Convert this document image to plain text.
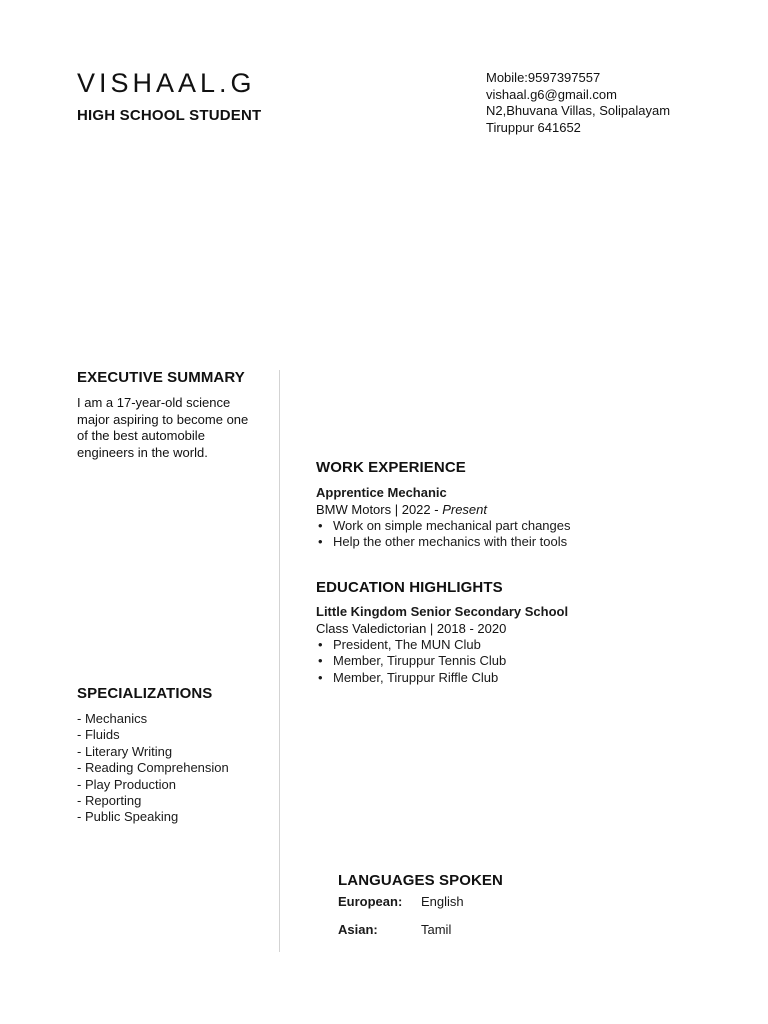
VISHAAL.G
HIGH SCHOOL STUDENT
Mobile:9597397557
vishaal.g6@gmail.com
N2,Bhuvana Villas, Solipalayam
Tiruppur 641652
EXECUTIVE SUMMARY
I am a 17-year-old science
major aspiring to become one
of the best automobile
engineers in the world.
WORK EXPERIENCE
Apprentice Mechanic
BMW Motors | 2022 - Present
• Work on simple mechanical part changes
• Help the other mechanics with their tools
EDUCATION HIGHLIGHTS
Little Kingdom Senior Secondary School
Class Valedictorian | 2018 - 2020
• President, The MUN Club
• Member, Tiruppur Tennis Club
• Member, Tiruppur Riffle Club
SPECIALIZATIONS
- Mechanics
- Fluids
- Literary Writing
- Reading Comprehension
- Play Production
- Reporting
- Public Speaking
LANGUAGES SPOKEN
European: English
Asian:	Tamil
